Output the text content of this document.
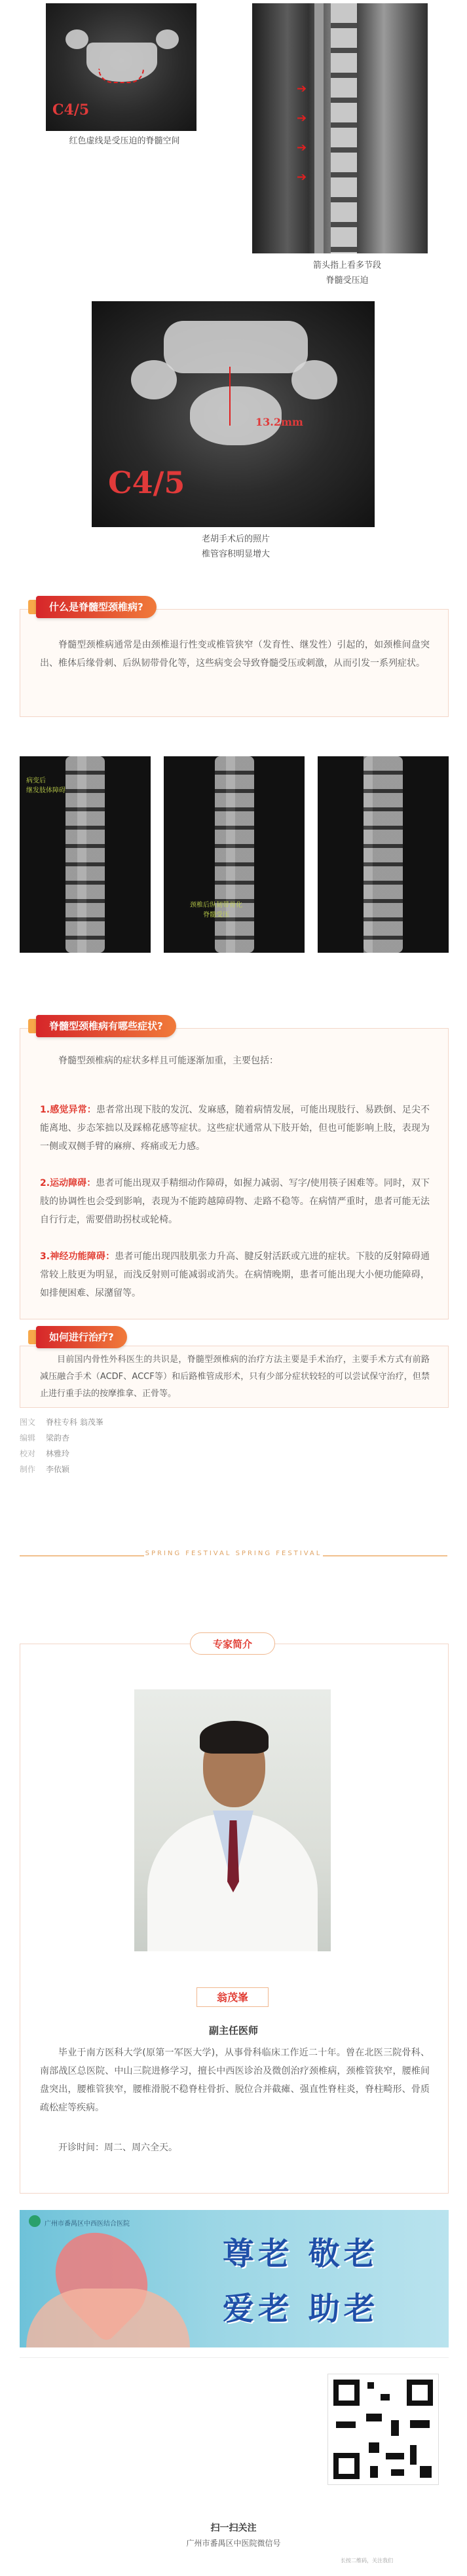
C4/5
红色虚线是受压迫的脊髓空间
➔
➔
➔
➔
箭头指上看多节段
脊髓受压迫
13.2mm
C4/5
老胡手术后的照片
椎管容积明显增大
脊髓型颈椎病通常是由颈椎退行性变或椎管狭窄（发育性、继发性）引起的，如颈椎间盘突出、椎体后缘骨刺、后纵韧带骨化等，这些病变会导致脊髓受压或刺激，从而引发一系列症状。
什么是脊髓型颈椎病?
病变后
继发肢体障碍
颈椎后纵韧带骨化
脊髓受压
脊髓型颈椎病的症状多样且可能逐渐加重，主要包括：
1.感觉异常：患者常出现下肢的发沉、发麻感，随着病情发展，可能出现肢行、易跌倒、足尖不能离地、步态笨拙以及踩棉花感等症状。这些症状通常从下肢开始，但也可能影响上肢，表现为一侧或双侧手臂的麻痹、疼痛或无力感。
2.运动障碍：患者可能出现双手精细动作障碍，如握力减弱、写字/使用筷子困难等。同时，双下肢的协调性也会受到影响，表现为不能跨越障碍物、走路不稳等。在病情严重时，患者可能无法自行行走，需要借助拐杖或轮椅。
3.神经功能障碍：患者可能出现四肢肌张力升高、腱反射活跃或亢进的症状。下肢的反射障碍通常较上肢更为明显，而浅反射则可能减弱或消失。在病情晚期，患者可能出现大小便功能障碍，如排便困难、尿潴留等。
脊髓型颈椎病有哪些症状?
目前国内骨性外科医生的共识是，脊髓型颈椎病的治疗方法主要是手术治疗，主要手术方式有前路减压融合手术（ACDF、ACCF等）和后路椎管成形术，只有少部分症状较轻的可以尝试保守治疗，但禁止进行重手法的按摩推拿、正骨等。
如何进行治疗?
图文 脊柱专科 翁茂峯
编辑 梁韵杏
校对 林雅玲
制作 李依颖
SPRING FESTIVAL SPRING FESTIVAL
毕业于南方医科大学(原第一军医大学)，从事骨科临床工作近二十年。曾在北医三院骨科、南部战区总医院、中山三院进修学习，擅长中西医诊治及微创治疗颈椎病，颈椎管狭窄，腰椎间盘突出，腰椎管狭窄，腰椎滑脱不稳脊柱骨折、脱位合并截瘫、强直性脊柱炎，脊柱畸形、骨质疏松症等疾病。
开诊时间：周二、周六全天。
专家简介
翁茂峯
副主任医师
广州市番禺区中西医结合医院
尊老 敬老
爱老 助老
扫一扫关注
广州市番禺区中医院微信号
长按二维码，关注我们
